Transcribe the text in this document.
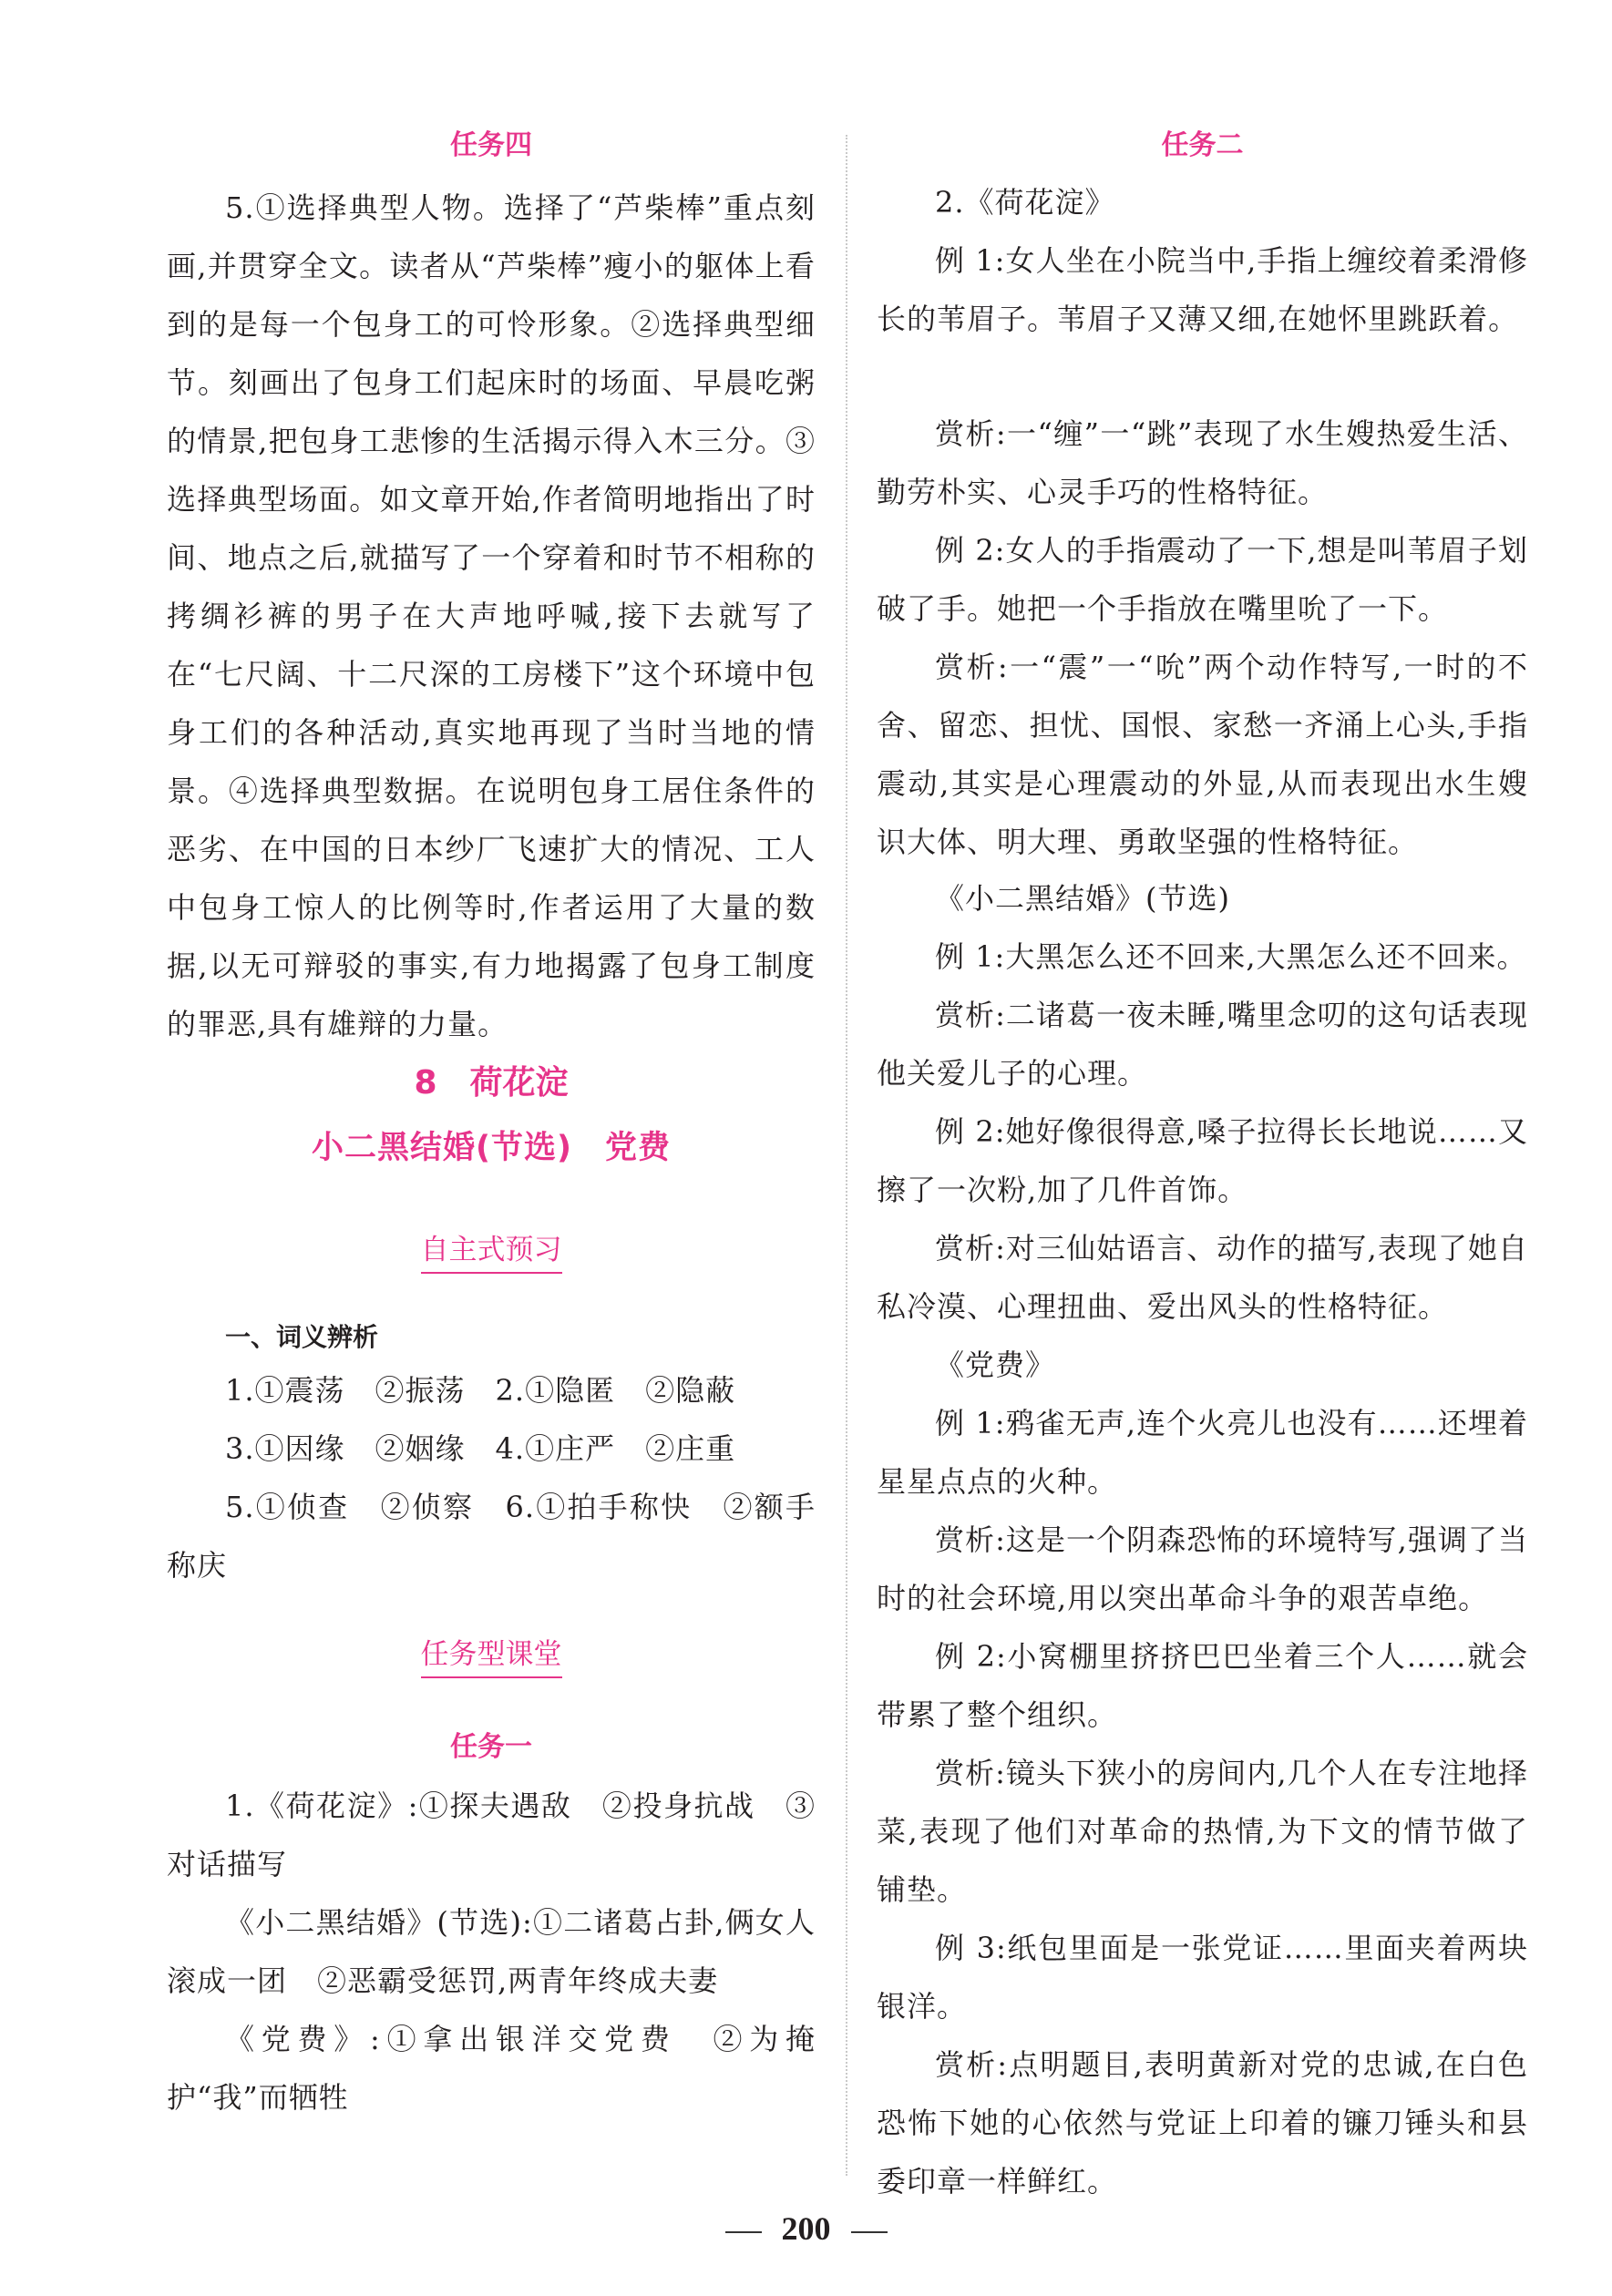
任务四

5.①选择典型人物。选择了“芦柴棒”重点刻画,并贯穿全文。读者从“芦柴棒”瘦小的躯体上看到的是每一个包身工的可怜形象。②选择典型细节。刻画出了包身工们起床时的场面、早晨吃粥的情景,把包身工悲惨的生活揭示得入木三分。③选择典型场面。如文章开始,作者简明地指出了时间、地点之后,就描写了一个穿着和时节不相称的拷绸衫裤的男子在大声地呼喊,接下去就写了在“七尺阔、十二尺深的工房楼下”这个环境中包身工们的各种活动,真实地再现了当时当地的情景。④选择典型数据。在说明包身工居住条件的恶劣、在中国的日本纱厂飞速扩大的情况、工人中包身工惊人的比例等时,作者运用了大量的数据,以无可辩驳的事实,有力地揭露了包身工制度的罪恶,具有雄辩的力量。

8　荷花淀

小二黑结婚(节选)　党费

自主式预习

一、词义辨析

1.①震荡　②振荡　2.①隐匿　②隐蔽

3.①因缘　②姻缘　4.①庄严　②庄重

5.①侦查　②侦察　6.①拍手称快　②额手称庆

任务型课堂

任务一

1.《荷花淀》:①探夫遇敌　②投身抗战　③对话描写

《小二黑结婚》(节选):①二诸葛占卦,俩女人滚成一团　②恶霸受惩罚,两青年终成夫妻

《党费》:①拿出银洋交党费　②为掩护“我”而牺牲

任务二

2.《荷花淀》

例 1:女人坐在小院当中,手指上缠绞着柔滑修长的苇眉子。苇眉子又薄又细,在她怀里跳跃着。

赏析:一“缠”一“跳”表现了水生嫂热爱生活、勤劳朴实、心灵手巧的性格特征。

例 2:女人的手指震动了一下,想是叫苇眉子划破了手。她把一个手指放在嘴里吮了一下。

赏析:一“震”一“吮”两个动作特写,一时的不舍、留恋、担忧、国恨、家愁一齐涌上心头,手指震动,其实是心理震动的外显,从而表现出水生嫂识大体、明大理、勇敢坚强的性格特征。

《小二黑结婚》(节选)

例 1:大黑怎么还不回来,大黑怎么还不回来。

赏析:二诸葛一夜未睡,嘴里念叨的这句话表现他关爱儿子的心理。

例 2:她好像很得意,嗓子拉得长长地说……又擦了一次粉,加了几件首饰。

赏析:对三仙姑语言、动作的描写,表现了她自私冷漠、心理扭曲、爱出风头的性格特征。

《党费》

例 1:鸦雀无声,连个火亮儿也没有……还埋着星星点点的火种。

赏析:这是一个阴森恐怖的环境特写,强调了当时的社会环境,用以突出革命斗争的艰苦卓绝。

例 2:小窝棚里挤挤巴巴坐着三个人……就会带累了整个组织。

赏析:镜头下狭小的房间内,几个人在专注地择菜,表现了他们对革命的热情,为下文的情节做了铺垫。

例 3:纸包里面是一张党证……里面夹着两块银洋。

赏析:点明题目,表明黄新对党的忠诚,在白色恐怖下她的心依然与党证上印着的镰刀锤头和县委印章一样鲜红。

200
